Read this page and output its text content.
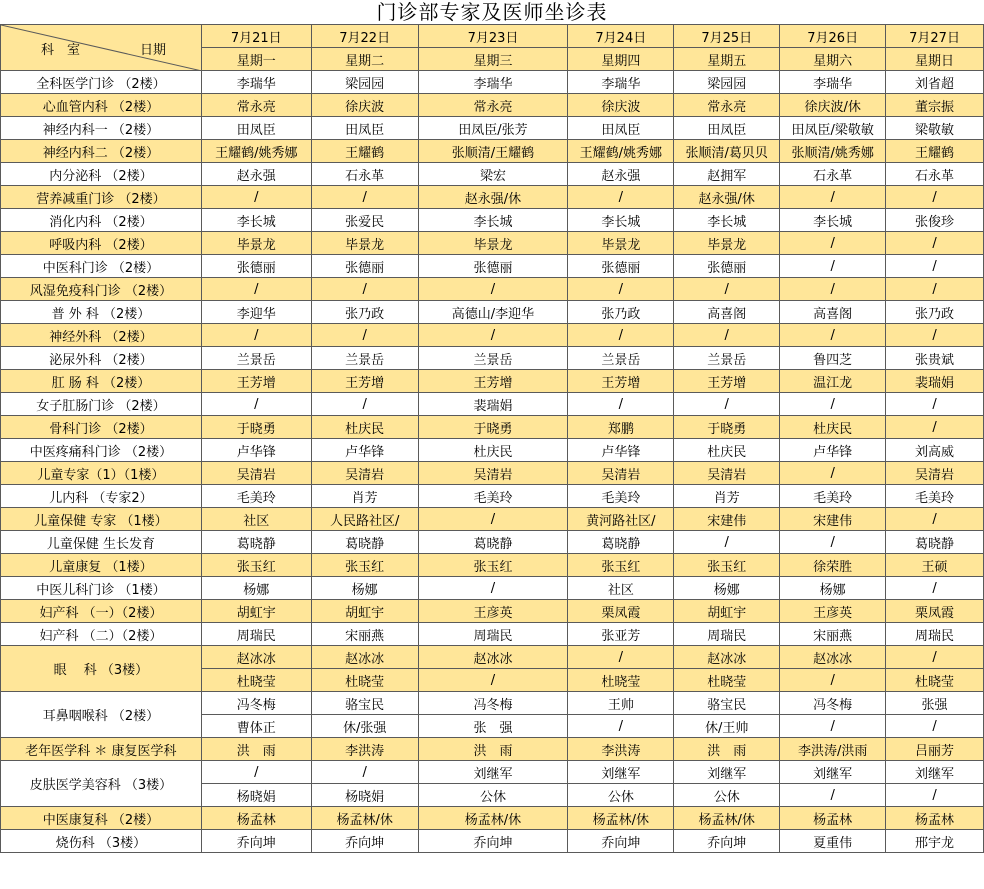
门诊部专家及医师坐诊表
科　室 日期	7月21日	7月22日	7月23日	7月24日	7月25日	7月26日	7月27日
	星期一	星期二	星期三	星期四	星期五	星期六	星期日
全科医学门诊 （2楼）	李瑞华	梁园园	李瑞华	李瑞华	梁园园	李瑞华	刘省超
心血管内科 （2楼）	常永亮	徐庆波	常永亮	徐庆波	常永亮	徐庆波/休	董宗振
神经内科一 （2楼）	田凤臣	田凤臣	田凤臣/张芳	田凤臣	田凤臣	田凤臣/梁敬敏	梁敬敏
神经内科二 （2楼）	王耀鹤/姚秀娜	王耀鹤	张顺清/王耀鹤	王耀鹤/姚秀娜	张顺清/葛贝贝	张顺清/姚秀娜	王耀鹤
内分泌科 （2楼）	赵永强	石永革	梁宏	赵永强	赵拥军	石永革	石永革
营养减重门诊 （2楼）	/	/	赵永强/休	/	赵永强/休	/	/
消化内科 （2楼）	李长城	张爱民	李长城	李长城	李长城	李长城	张俊珍
呼吸内科 （2楼）	毕景龙	毕景龙	毕景龙	毕景龙	毕景龙	/	/
中医科门诊 （2楼）	张德丽	张德丽	张德丽	张德丽	张德丽	/	/
风湿免疫科门诊 （2楼）	/	/	/	/	/	/	/
普 外 科 （2楼）	李迎华	张乃政	高德山/李迎华	张乃政	高喜阁	高喜阁	张乃政
神经外科 （2楼）	/	/	/	/	/	/	/
泌尿外科 （2楼）	兰景岳	兰景岳	兰景岳	兰景岳	兰景岳	鲁四芝	张贵斌
肛 肠 科 （2楼）	王芳增	王芳增	王芳增	王芳增	王芳增	温江龙	裴瑞娟
女子肛肠门诊 （2楼）	/	/	裴瑞娟	/	/	/	/
骨科门诊 （2楼）	于晓勇	杜庆民	于晓勇	郑鹏	于晓勇	杜庆民	/
中医疼痛科门诊 （2楼）	卢华锋	卢华锋	杜庆民	卢华锋	杜庆民	卢华锋	刘高威
儿童专家（1）（1楼）	吴清岩	吴清岩	吴清岩	吴清岩	吴清岩	/	吴清岩
儿内科 （专家2）	毛美玲	肖芳	毛美玲	毛美玲	肖芳	毛美玲	毛美玲
儿童保健 专家 （1楼）	社区	人民路社区/	/	黄河路社区/	宋建伟	宋建伟	/
儿童保健 生长发育	葛晓静	葛晓静	葛晓静	葛晓静	/	/	葛晓静
儿童康复 （1楼）	张玉红	张玉红	张玉红	张玉红	张玉红	徐荣胜	王硕
中医儿科门诊 （1楼）	杨娜	杨娜	/	社区	杨娜	杨娜	/
妇产科 （一）（2楼）	胡虹宇	胡虹宇	王彦英	栗凤霞	胡虹宇	王彦英	栗凤霞
妇产科 （二）（2楼）	周瑞民	宋丽燕	周瑞民	张亚芳	周瑞民	宋丽燕	周瑞民
眼　 科 （3楼）	赵冰冰	赵冰冰	赵冰冰	/	赵冰冰	赵冰冰	/
	杜晓莹	杜晓莹	/	杜晓莹	杜晓莹	/	杜晓莹
耳鼻咽喉科 （2楼）	冯冬梅	骆宝民	冯冬梅	王帅	骆宝民	冯冬梅	张强
	曹体正	休/张强	张　强	/	休/王帅	/	/
老年医学科 ＊ 康复医学科	洪　雨	李洪涛	洪　雨	李洪涛	洪　雨	李洪涛/洪雨	吕丽芳
皮肤医学美容科 （3楼）	/	/	刘继军	刘继军	刘继军	刘继军	刘继军
	杨晓娟	杨晓娟	公休	公休	公休	/	/
中医康复科 （2楼）	杨孟林	杨孟林/休	杨孟林/休	杨孟林/休	杨孟林/休	杨孟林	杨孟林
烧伤科 （3楼）	乔向坤	乔向坤	乔向坤	乔向坤	乔向坤	夏重伟	邢宇龙
